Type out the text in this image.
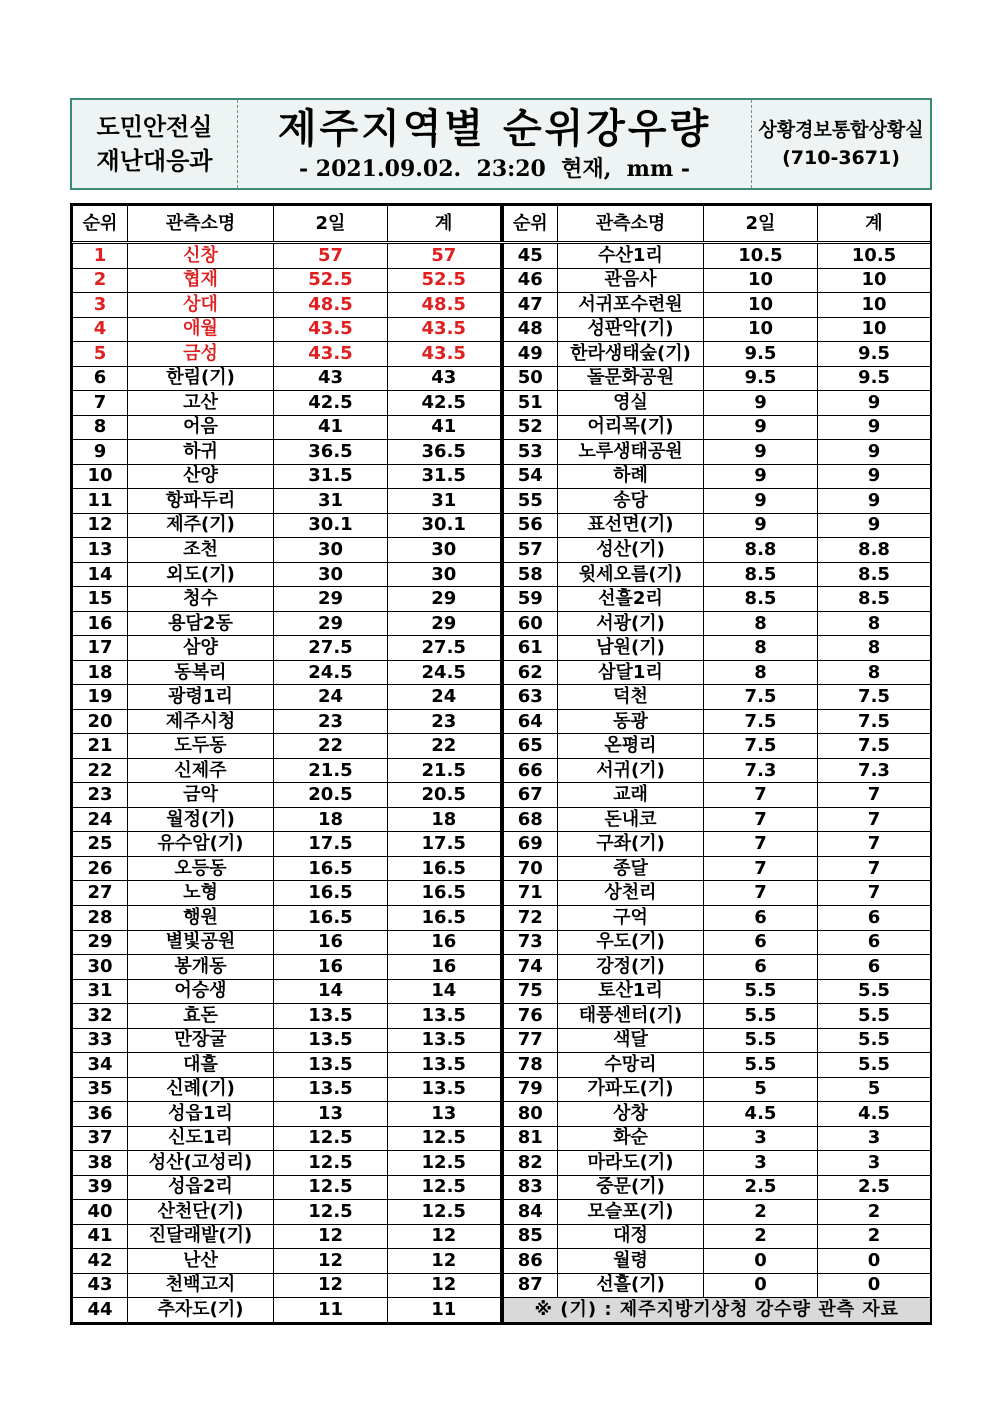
도민안전실
재난대응과
제주지역별 순위강우량
- 2021.09.02.  23:20  현재,  mm -
상황경보통합상황실
(710-3671)
순위	관측소명	2일	계
1	신창	57	57
2	협재	52.5	52.5
3	상대	48.5	48.5
4	애월	43.5	43.5
5	금성	43.5	43.5
6	한림(기)	43	43
7	고산	42.5	42.5
8	어음	41	41
9	하귀	36.5	36.5
10	산양	31.5	31.5
11	항파두리	31	31
12	제주(기)	30.1	30.1
13	조천	30	30
14	외도(기)	30	30
15	청수	29	29
16	용담2동	29	29
17	삼양	27.5	27.5
18	동복리	24.5	24.5
19	광령1리	24	24
20	제주시청	23	23
21	도두동	22	22
22	신제주	21.5	21.5
23	금악	20.5	20.5
24	월정(기)	18	18
25	유수암(기)	17.5	17.5
26	오등동	16.5	16.5
27	노형	16.5	16.5
28	행원	16.5	16.5
29	별빛공원	16	16
30	봉개동	16	16
31	어승생	14	14
32	효돈	13.5	13.5
33	만장굴	13.5	13.5
34	대흘	13.5	13.5
35	신례(기)	13.5	13.5
36	성읍1리	13	13
37	신도1리	12.5	12.5
38	성산(고성리)	12.5	12.5
39	성읍2리	12.5	12.5
40	산천단(기)	12.5	12.5
41	진달래밭(기)	12	12
42	난산	12	12
43	천백고지	12	12
44	추자도(기)	11	11
순위	관측소명	2일	계
45	수산1리	10.5	10.5
46	관음사	10	10
47	서귀포수련원	10	10
48	성판악(기)	10	10
49	한라생태숲(기)	9.5	9.5
50	돌문화공원	9.5	9.5
51	영실	9	9
52	어리목(기)	9	9
53	노루생태공원	9	9
54	하례	9	9
55	송당	9	9
56	표선면(기)	9	9
57	성산(기)	8.8	8.8
58	윗세오름(기)	8.5	8.5
59	선흘2리	8.5	8.5
60	서광(기)	8	8
61	남원(기)	8	8
62	삼달1리	8	8
63	덕천	7.5	7.5
64	동광	7.5	7.5
65	온평리	7.5	7.5
66	서귀(기)	7.3	7.3
67	교래	7	7
68	돈내코	7	7
69	구좌(기)	7	7
70	종달	7	7
71	상천리	7	7
72	구억	6	6
73	우도(기)	6	6
74	강정(기)	6	6
75	토산1리	5.5	5.5
76	태풍센터(기)	5.5	5.5
77	색달	5.5	5.5
78	수망리	5.5	5.5
79	가파도(기)	5	5
80	상창	4.5	4.5
81	화순	3	3
82	마라도(기)	3	3
83	중문(기)	2.5	2.5
84	모슬포(기)	2	2
85	대정	2	2
86	월령	0	0
87	선흘(기)	0	0
※ (기) : 제주지방기상청 강수량 관측 자료			
